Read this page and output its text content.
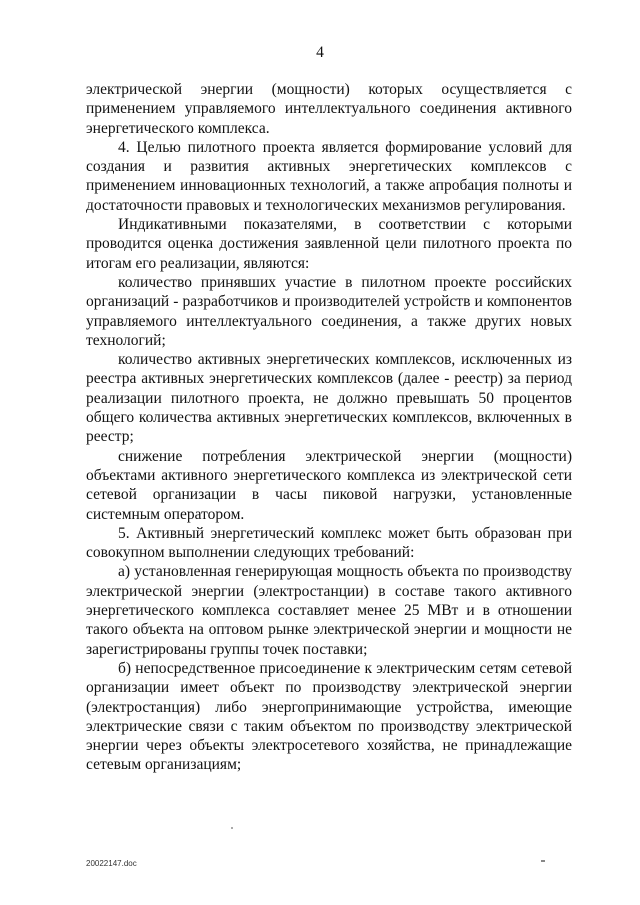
4

электрической энергии (мощности) которых осуществляется с применением управляемого интеллектуального соединения активного энергетического комплекса.

4. Целью пилотного проекта является формирование условий для создания и развития активных энергетических комплексов с применением инновационных технологий, а также апробация полноты и достаточности правовых и технологических механизмов регулирования.

Индикативными показателями, в соответствии с которыми проводится оценка достижения заявленной цели пилотного проекта по итогам его реализации, являются:

количество принявших участие в пилотном проекте российских организаций - разработчиков и производителей устройств и компонентов управляемого интеллектуального соединения, а также других новых технологий;

количество активных энергетических комплексов, исключенных из реестра активных энергетических комплексов (далее - реестр) за период реализации пилотного проекта, не должно превышать 50 процентов общего количества активных энергетических комплексов, включенных в реестр;

снижение потребления электрической энергии (мощности) объектами активного энергетического комплекса из электрической сети сетевой организации в часы пиковой нагрузки, установленные системным оператором.

5. Активный энергетический комплекс может быть образован при совокупном выполнении следующих требований:

а) установленная генерирующая мощность объекта по производству электрической энергии (электростанции) в составе такого активного энергетического комплекса составляет менее 25 МВт и в отношении такого объекта на оптовом рынке электрической энергии и мощности не зарегистрированы группы точек поставки;

б) непосредственное присоединение к электрическим сетям сетевой организации имеет объект по производству электрической энергии (электростанция) либо энергопринимающие устройства, имеющие электрические связи с таким объектом по производству электрической энергии через объекты электросетевого хозяйства, не принадлежащие сетевым организациям;

20022147.doc
